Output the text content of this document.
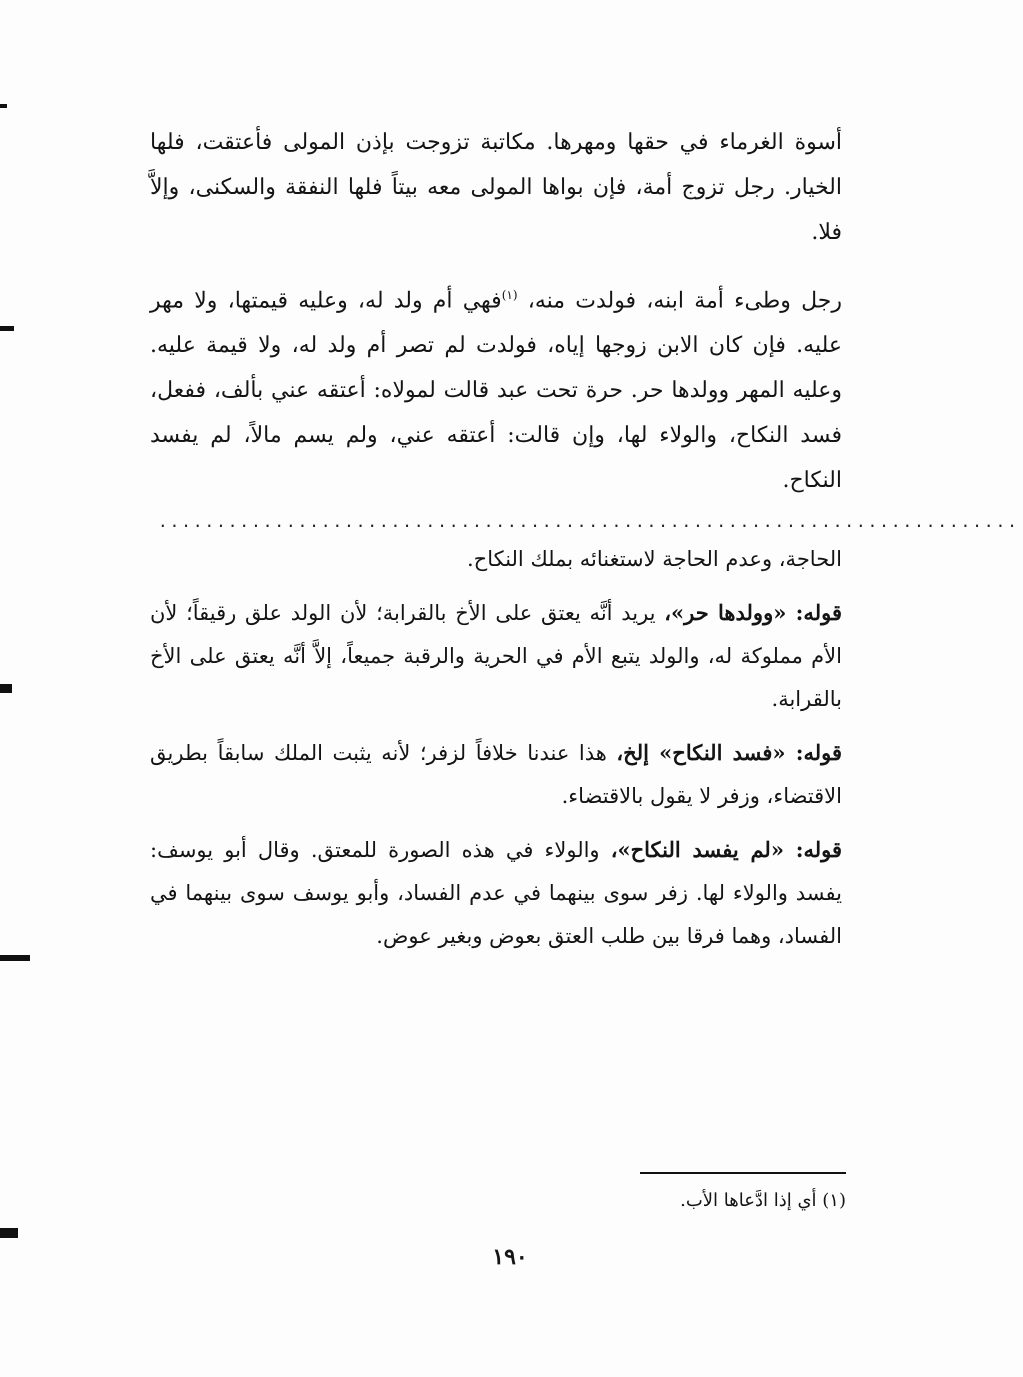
أسوة الغرماء في حقها ومهرها. مكاتبة تزوجت بإذن المولى فأعتقت، فلها الخيار. رجل تزوج أمة، فإن بواها المولى معه بيتاً فلها النفقة والسكنى، وإلاَّ فلا.

رجل وطىء أمة ابنه، فولدت منه، $^{(١)}$فهي أم ولد له، وعليه قيمتها، ولا مهر عليه. فإن كان الابن زوجها إياه، فولدت لم تصر أم ولد له، ولا قيمة عليه. وعليه المهر وولدها حر. حرة تحت عبد قالت لمولاه: أعتقه عني بألف، ففعل، فسد النكاح، والولاء لها، وإن قالت: أعتقه عني، ولم يسم مالاً، لم يفسد النكاح.

..........................................................................

الحاجة، وعدم الحاجة لاستغنائه بملك النكاح.

قوله: «وولدها حر»، يريد أنَّه يعتق على الأخ بالقرابة؛ لأن الولد علق رقيقاً؛ لأن الأم مملوكة له، والولد يتبع الأم في الحرية والرقبة جميعاً، إلاَّ أنَّه يعتق على الأخ بالقرابة.

قوله: «فسد النكاح» إلخ، هذا عندنا خلافاً لزفر؛ لأنه يثبت الملك سابقاً بطريق الاقتضاء، وزفر لا يقول بالاقتضاء.

قوله: «لم يفسد النكاح»، والولاء في هذه الصورة للمعتق. وقال أبو يوسف: يفسد والولاء لها. زفر سوى بينهما في عدم الفساد، وأبو يوسف سوى بينهما في الفساد، وهما فرقا بين طلب العتق بعوض وبغير عوض.

(١) أي إذا ادَّعاها الأب.
١٩٠
